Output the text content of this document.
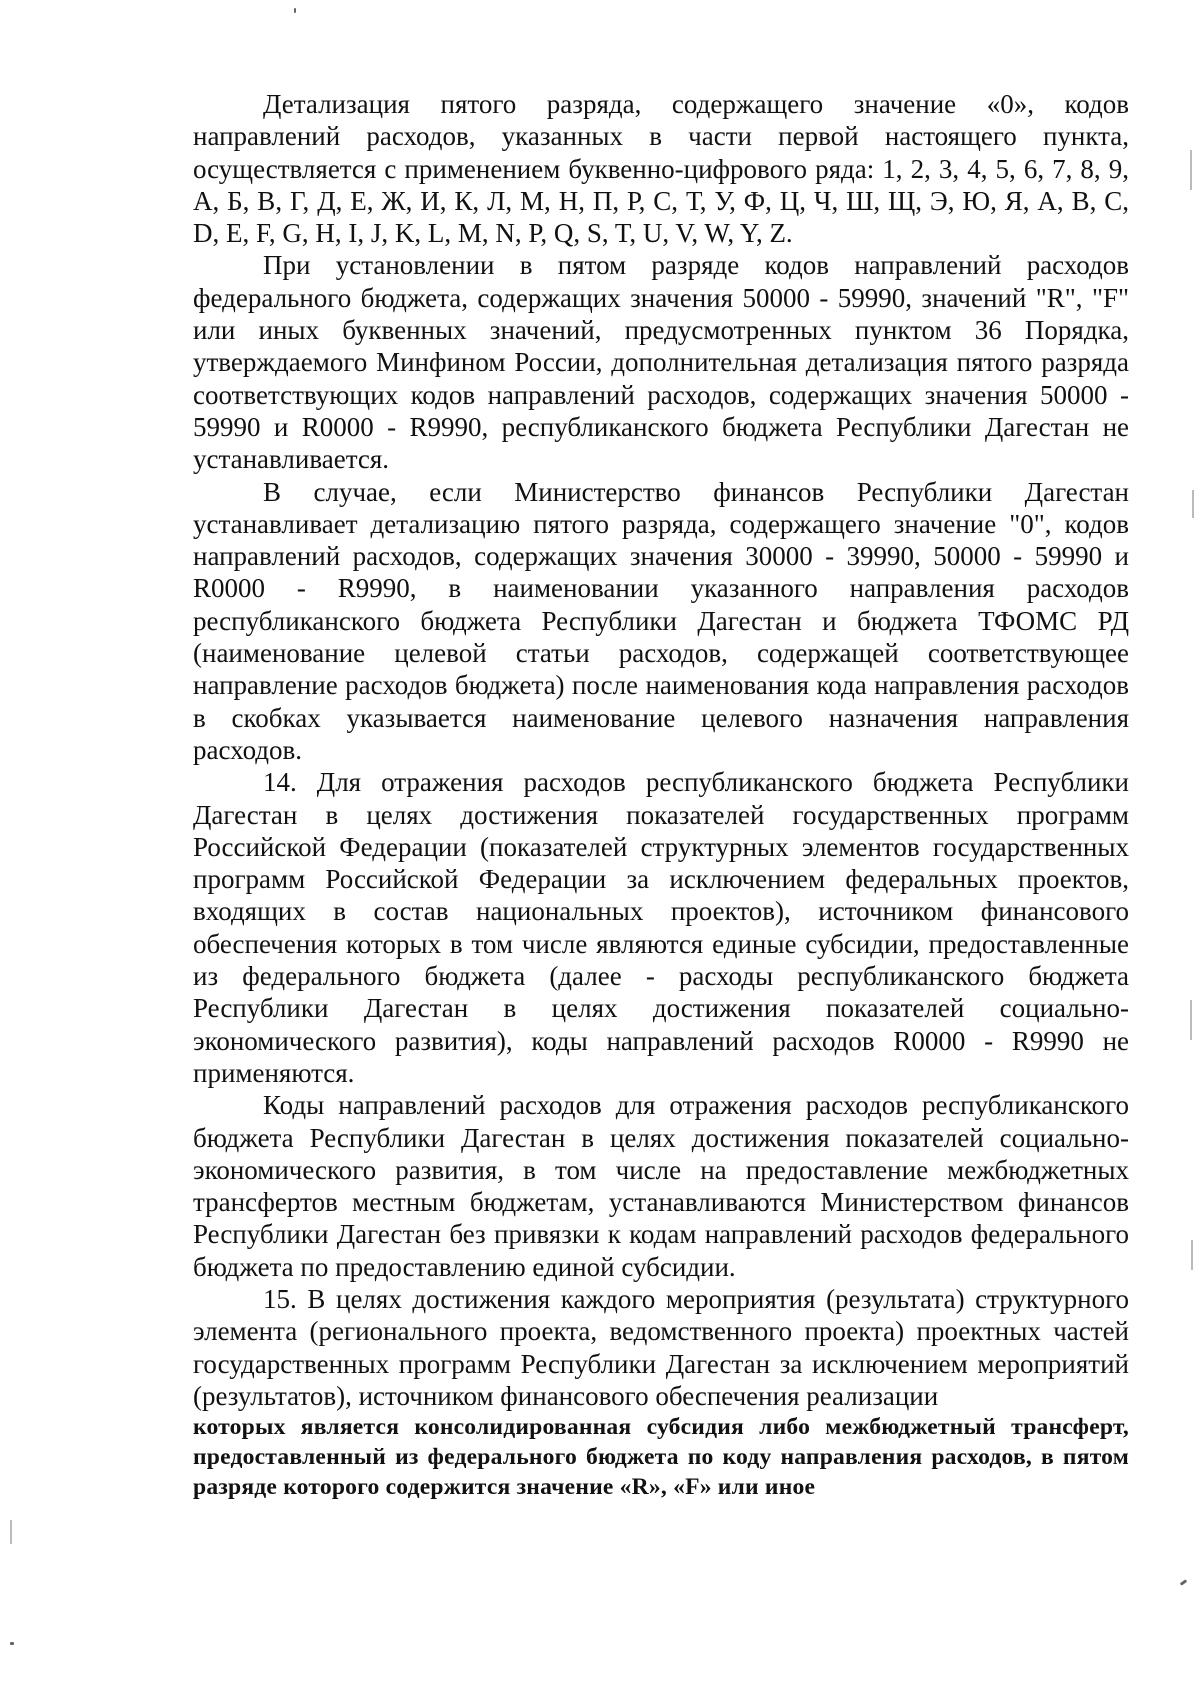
Детализация пятого разряда, содержащего значение «0», кодов направлений расходов, указанных в части первой настоящего пункта, осуществляется с применением буквенно-цифрового ряда: 1, 2, 3, 4, 5, 6, 7, 8, 9, А, Б, В, Г, Д, Е, Ж, И, К, Л, М, Н, П, Р, С, Т, У, Ф, Ц, Ч, Ш, Щ, Э, Ю, Я, A, B, C, D, E, F, G, H, I, J, K, L, M, N, P, Q, S, T, U, V, W, Y, Z.

При установлении в пятом разряде кодов направлений расходов федерального бюджета, содержащих значения 50000 - 59990, значений "R", "F" или иных буквенных значений, предусмотренных пунктом 36 Порядка, утверждаемого Минфином России, дополнительная детализация пятого разряда соответствующих кодов направлений расходов, содержащих значения 50000 - 59990 и R0000 - R9990, республиканского бюджета Республики Дагестан не устанавливается.

В случае, если Министерство финансов Республики Дагестан устанавливает детализацию пятого разряда, содержащего значение "0", кодов направлений расходов, содержащих значения 30000 - 39990, 50000 - 59990 и R0000 - R9990, в наименовании указанного направления расходов республиканского бюджета Республики Дагестан и бюджета ТФОМС РД (наименование целевой статьи расходов, содержащей соответствующее направление расходов бюджета) после наименования кода направления расходов в скобках указывается наименование целевого назначения направления расходов.

14. Для отражения расходов республиканского бюджета Республики Дагестан в целях достижения показателей государственных программ Российской Федерации (показателей структурных элементов государственных программ Российской Федерации за исключением федеральных проектов, входящих в состав национальных проектов), источником финансового обеспечения которых в том числе являются единые субсидии, предоставленные из федерального бюджета (далее - расходы республиканского бюджета Республики Дагестан в целях достижения показателей социально-экономического развития), коды направлений расходов R0000 - R9990 не применяются.

Коды направлений расходов для отражения расходов республиканского бюджета Республики Дагестан в целях достижения показателей социально-экономического развития, в том числе на предоставление межбюджетных трансфертов местным бюджетам, устанавливаются Министерством финансов Республики Дагестан без привязки к кодам направлений расходов федерального бюджета по предоставлению единой субсидии.

15. В целях достижения каждого мероприятия (результата) структурного элемента (регионального проекта, ведомственного проекта) проектных частей государственных программ Республики Дагестан за исключением мероприятий (результатов), источником финансового обеспечения реализации

которых является консолидированная субсидия либо межбюджетный трансферт, предоставленный из федерального бюджета по коду направления расходов, в пятом разряде которого содержится значение «R», «F» или иное
